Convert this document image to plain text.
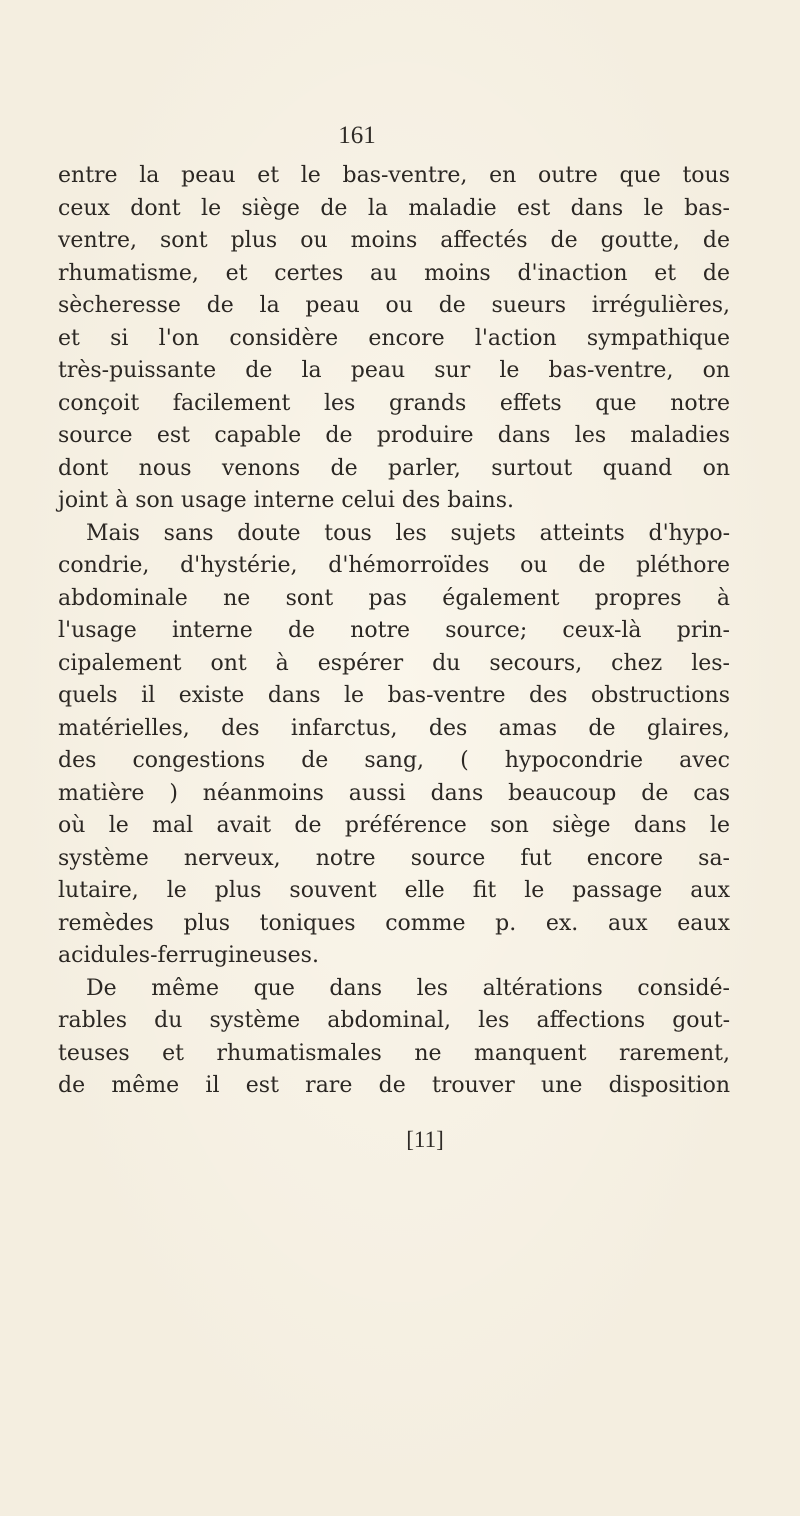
161
entre la peau et le bas-ventre, en outre que tous
ceux dont le siège de la maladie est dans le bas-
ventre, sont plus ou moins affectés de goutte, de
rhumatisme, et certes au moins d'inaction et de
sècheresse de la peau ou de sueurs irrégulières,
et si l'on considère encore l'action sympathique
très-puissante de la peau sur le bas-ventre, on
conçoit facilement les grands effets que notre
source est capable de produire dans les maladies
dont nous venons de parler, surtout quand on
joint à son usage interne celui des bains.
Mais sans doute tous les sujets atteints d'hypo-
condrie, d'hystérie, d'hémorroïdes ou de pléthore
abdominale ne sont pas également propres à
l'usage interne de notre source; ceux-là prin-
cipalement ont à espérer du secours, chez les-
quels il existe dans le bas-ventre des obstructions
matérielles, des infarctus, des amas de glaires,
des congestions de sang, ( hypocondrie avec
matière ) néanmoins aussi dans beaucoup de cas
où le mal avait de préférence son siège dans le
système nerveux, notre source fut encore sa-
lutaire, le plus souvent elle fit le passage aux
remèdes plus toniques comme p. ex. aux eaux
acidules-ferrugineuses.
De même que dans les altérations considé-
rables du système abdominal, les affections gout-
teuses et rhumatismales ne manquent rarement,
de même il est rare de trouver une disposition
[11]
